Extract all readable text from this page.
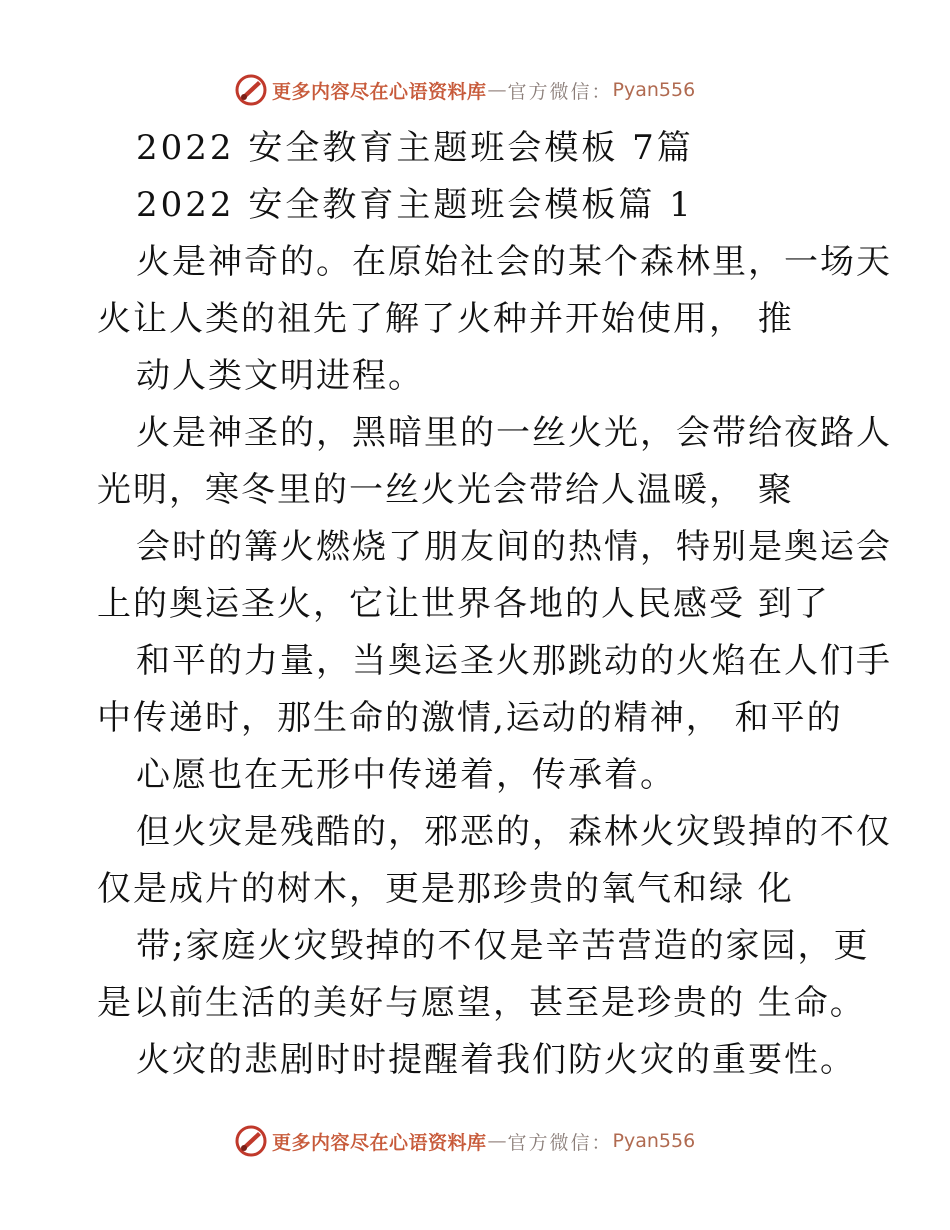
更多内容尽在心语资料库 — 官方微信： Pyan556
2022 安全教育主题班会模板 7篇
2022 安全教育主题班会模板篇 1
火是神奇的。在原始社会的某个森林里，一场天
火让人类的祖先了解了火种并开始使用， 推
动人类文明进程。
火是神圣的，黑暗里的一丝火光，会带给夜路人
光明，寒冬里的一丝火光会带给人温暖， 聚
会时的篝火燃烧了朋友间的热情，特别是奥运会
上的奥运圣火，它让世界各地的人民感受 到了
和平的力量，当奥运圣火那跳动的火焰在人们手
中传递时，那生命的激情,运动的精神， 和平的
心愿也在无形中传递着，传承着。
但火灾是残酷的，邪恶的，森林火灾毁掉的不仅
仅是成片的树木，更是那珍贵的氧气和绿 化
带;家庭火灾毁掉的不仅是辛苦营造的家园，更
是以前生活的美好与愿望，甚至是珍贵的 生命。
火灾的悲剧时时提醒着我们防火灾的重要性。
更多内容尽在心语资料库 — 官方微信： Pyan556
